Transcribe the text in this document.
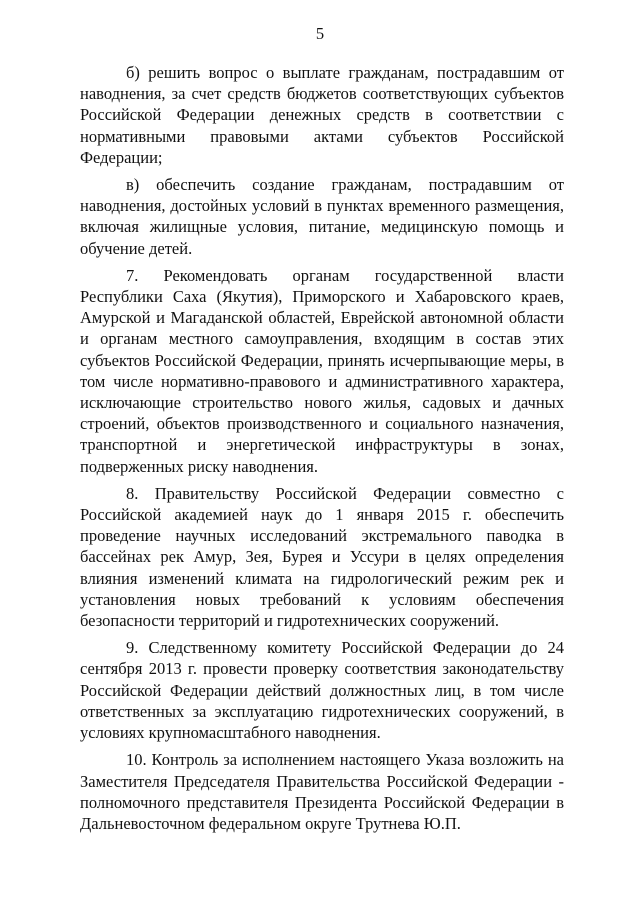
5

б) решить вопрос о выплате гражданам, пострадавшим от наводнения, за счет средств бюджетов соответствующих субъектов Российской Федерации денежных средств в соответствии с нормативными правовыми актами субъектов Российской Федерации;

в) обеспечить создание гражданам, пострадавшим от наводнения, достойных условий в пунктах временного размещения, включая жилищные условия, питание, медицинскую помощь и обучение детей.

7. Рекомендовать органам государственной власти Республики Саха (Якутия), Приморского и Хабаровского краев, Амурской и Магаданской областей, Еврейской автономной области и органам местного самоуправления, входящим в состав этих субъектов Российской Федерации, принять исчерпывающие меры, в том числе нормативно-правового и административного характера, исключающие строительство нового жилья, садовых и дачных строений, объектов производственного и социального назначения, транспортной и энергетической инфраструктуры в зонах, подверженных риску наводнения.

8. Правительству Российской Федерации совместно с Российской академией наук до 1 января 2015 г. обеспечить проведение научных исследований экстремального паводка в бассейнах рек Амур, Зея, Бурея и Уссури в целях определения влияния изменений климата на гидрологический режим рек и установления новых требований к условиям обеспечения безопасности территорий и гидротехнических сооружений.

9. Следственному комитету Российской Федерации до 24 сентября 2013 г. провести проверку соответствия законодательству Российской Федерации действий должностных лиц, в том числе ответственных за эксплуатацию гидротехнических сооружений, в условиях крупномасштабного наводнения.

10. Контроль за исполнением настоящего Указа возложить на Заместителя Председателя Правительства Российской Федерации - полномочного представителя Президента Российской Федерации в Дальневосточном федеральном округе Трутнева Ю.П.
